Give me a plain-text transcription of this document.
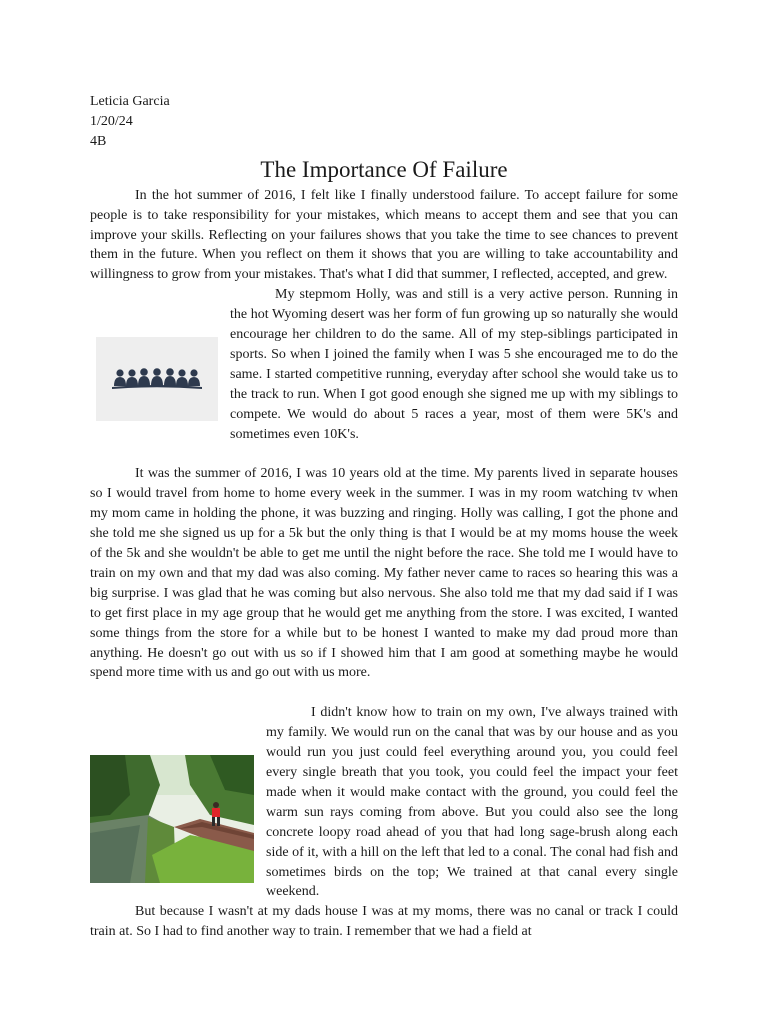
Leticia Garcia
1/20/24
4B
The Importance Of Failure

In the hot summer of 2016, I felt like I finally understood failure. To accept failure for some people is to take responsibility for your mistakes, which means to accept them and see that you can improve your skills. Reflecting on your failures shows that you take the time to see chances to prevent them in the future. When you reflect on them it shows that you are willing to take accountability and willingness to grow from your mistakes. That's what I did that summer, I reflected, accepted, and grew.

My stepmom Holly, was and still is a very active person. Running in the hot Wyoming desert was her form of fun growing up so naturally she would encourage her children to do the same. All of my step-siblings participated in sports. So when I joined the family when I was 5 she encouraged me to do the same. I started competitive running, everyday after school she would take us to the track to run. When I got good enough she signed me up with my siblings to compete. We would do about 5 races a year, most of them were 5K's and sometimes even 10K's.

It was the summer of 2016, I was 10 years old at the time. My parents lived in separate houses so I would travel from home to home every week in the summer. I was in my room watching tv when my mom came in holding the phone, it was buzzing and ringing. Holly was calling, I got the phone and she told me she signed us up for a 5k but the only thing is that I would be at my moms house the week of the 5k and she wouldn't be able to get me until the night before the race. She told me I would have to train on my own and that my dad was also coming. My father never came to races so hearing this was a big surprise. I was glad that he was coming but also nervous. She also told me that my dad said if I was to get first place in my age group that he would get me anything from the store. I was excited, I wanted some things from the store for a while but to be honest I wanted to make my dad proud more than anything. He doesn't go out with us so if I showed him that I am good at something maybe he would spend more time with us and go out with us more.

I didn't know how to train on my own, I've always trained with my family. We would run on the canal that was by our house and as you would run you just could feel everything around you, you could feel every single breath that you took, you could feel the impact your feet made when it would make contact with the ground, you could feel the warm sun rays coming from above. But you could also see the long concrete loopy road ahead of you that had long sage-brush along each side of it, with a hill on the left that led to a conal. The conal had fish and sometimes birds on the top; We trained at that canal every single weekend.

But because I wasn't at my dads house I was at my moms, there was no canal or track I could train at. So I had to find another way to train. I remember that we had a field at
